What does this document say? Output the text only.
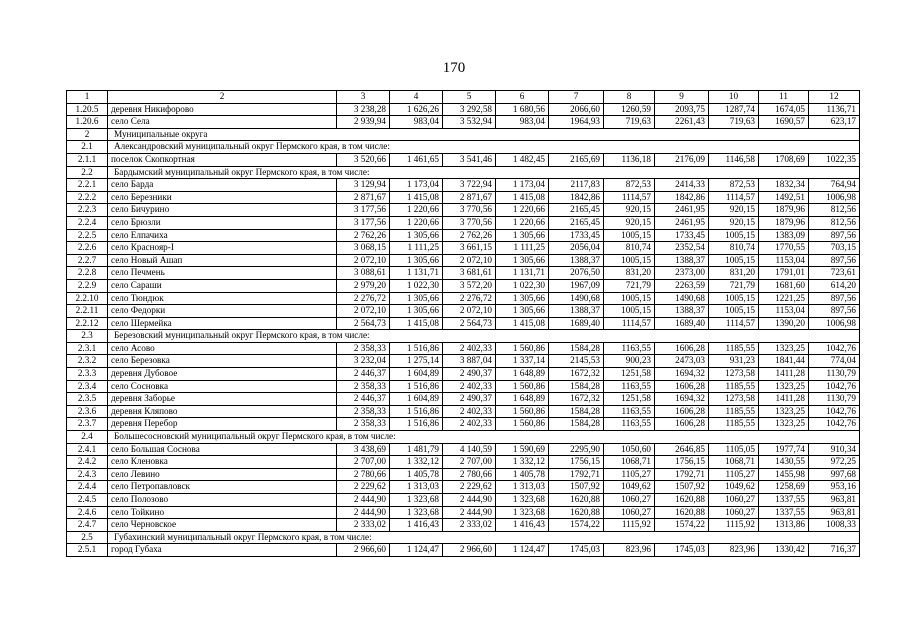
170
1	2	3	4	5	6	7	8	9	10	11	12
1.20.5	деревня Никифорово	3 238,28	1 626,26	3 292,58	1 680,56	2066,60	1260,59	2093,75	1287,74	1674,05	1136,71
1.20.6	село Села	2 939,94	983,04	3 532,94	983,04	1964,93	719,63	2261,43	719,63	1690,57	623,17
2	Муниципальные округа										
2.1	Александровский муниципальный округ Пермского края, в том числе:										
2.1.1	поселок Скопкортная	3 520,66	1 461,65	3 541,46	1 482,45	2165,69	1136,18	2176,09	1146,58	1708,69	1022,35
2.2	Бардымский муниципальный округ Пермского края, в том числе:										
2.2.1	село Барда	3 129,94	1 173,04	3 722,94	1 173,04	2117,83	872,53	2414,33	872,53	1832,34	764,94
2.2.2	село Березники	2 871,67	1 415,08	2 871,67	1 415,08	1842,86	1114,57	1842,86	1114,57	1492,51	1006,98
2.2.3	село Бичурино	3 177,56	1 220,66	3 770,56	1 220,66	2165,45	920,15	2461,95	920,15	1879,96	812,56
2.2.4	село Брюзли	3 177,56	1 220,66	3 770,56	1 220,66	2165,45	920,15	2461,95	920,15	1879,96	812,56
2.2.5	село Елпачиха	2 762,26	1 305,66	2 762,26	1 305,66	1733,45	1005,15	1733,45	1005,15	1383,09	897,56
2.2.6	село Краснояр-I	3 068,15	1 111,25	3 661,15	1 111,25	2056,04	810,74	2352,54	810,74	1770,55	703,15
2.2.7	село Новый Ашап	2 072,10	1 305,66	2 072,10	1 305,66	1388,37	1005,15	1388,37	1005,15	1153,04	897,56
2.2.8	село Печмень	3 088,61	1 131,71	3 681,61	1 131,71	2076,50	831,20	2373,00	831,20	1791,01	723,61
2.2.9	село Сараши	2 979,20	1 022,30	3 572,20	1 022,30	1967,09	721,79	2263,59	721,79	1681,60	614,20
2.2.10	село Тюндюк	2 276,72	1 305,66	2 276,72	1 305,66	1490,68	1005,15	1490,68	1005,15	1221,25	897,56
2.2.11	село Федорки	2 072,10	1 305,66	2 072,10	1 305,66	1388,37	1005,15	1388,37	1005,15	1153,04	897,56
2.2.12	село Шермейка	2 564,73	1 415,08	2 564,73	1 415,08	1689,40	1114,57	1689,40	1114,57	1390,20	1006,98
2.3	Березовский муниципальный округ Пермского края, в том числе:										
2.3.1	село Асово	2 358,33	1 516,86	2 402,33	1 560,86	1584,28	1163,55	1606,28	1185,55	1323,25	1042,76
2.3.2	село Березовка	3 232,04	1 275,14	3 887,04	1 337,14	2145,53	900,23	2473,03	931,23	1841,44	774,04
2.3.3	деревня Дубовое	2 446,37	1 604,89	2 490,37	1 648,89	1672,32	1251,58	1694,32	1273,58	1411,28	1130,79
2.3.4	село Сосновка	2 358,33	1 516,86	2 402,33	1 560,86	1584,28	1163,55	1606,28	1185,55	1323,25	1042,76
2.3.5	деревня Заборье	2 446,37	1 604,89	2 490,37	1 648,89	1672,32	1251,58	1694,32	1273,58	1411,28	1130,79
2.3.6	деревня Кляпово	2 358,33	1 516,86	2 402,33	1 560,86	1584,28	1163,55	1606,28	1185,55	1323,25	1042,76
2.3.7	деревня Перебор	2 358,33	1 516,86	2 402,33	1 560,86	1584,28	1163,55	1606,28	1185,55	1323,25	1042,76
2.4	Большесосновский муниципальный округ Пермского края, в том числе:										
2.4.1	село Большая Соснова	3 438,69	1 481,79	4 140,59	1 590,69	2295,90	1050,60	2646,85	1105,05	1977,74	910,34
2.4.2	село Кленовка	2 707,00	1 332,12	2 707,00	1 332,12	1756,15	1068,71	1756,15	1068,71	1430,55	972,25
2.4.3	село Левино	2 780,66	1 405,78	2 780,66	1 405,78	1792,71	1105,27	1792,71	1105,27	1455,98	997,68
2.4.4	село Петропавловск	2 229,62	1 313,03	2 229,62	1 313,03	1507,92	1049,62	1507,92	1049,62	1258,69	953,16
2.4.5	село Полозово	2 444,90	1 323,68	2 444,90	1 323,68	1620,88	1060,27	1620,88	1060,27	1337,55	963,81
2.4.6	село Тойкино	2 444,90	1 323,68	2 444,90	1 323,68	1620,88	1060,27	1620,88	1060,27	1337,55	963,81
2.4.7	село Черновское	2 333,02	1 416,43	2 333,02	1 416,43	1574,22	1115,92	1574,22	1115,92	1313,86	1008,33
2.5	Губахинский муниципальный округ Пермского края, в том числе:										
2.5.1	город Губаха	2 966,60	1 124,47	2 966,60	1 124,47	1745,03	823,96	1745,03	823,96	1330,42	716,37
